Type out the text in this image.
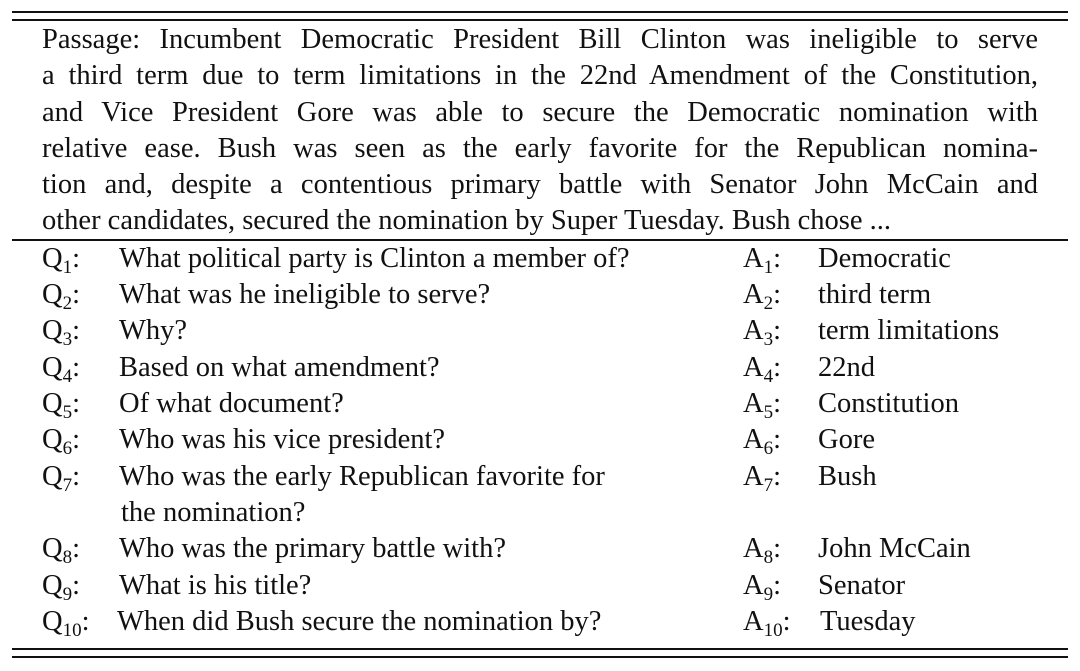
Passage: Incumbent Democratic President Bill Clinton was ineligible to serve
a third term due to term limitations in the 22nd Amendment of the Constitution,
and Vice President Gore was able to secure the Democratic nomination with
relative ease. Bush was seen as the early favorite for the Republican nomina-
tion and, despite a contentious primary battle with Senator John McCain and
other candidates, secured the nomination by Super Tuesday. Bush chose ...
$Q_1$: What political party is Clinton a member of?	$A_1$: Democratic
$Q_2$: What was he ineligible to serve?	$A_2$: third term
$Q_3$: Why?	$A_3$: term limitations
$Q_4$: Based on what amendment?	$A_4$: 22nd
$Q_5$: Of what document?	$A_5$: Constitution
$Q_6$: Who was his vice president?	$A_6$: Gore
$Q_7$: Who was the early Republican favorite for	$A_7$: Bush
the nomination?
$Q_8$: Who was the primary battle with?	$A_8$: John McCain
$Q_9$: What is his title?	$A_9$: Senator
$Q_{10}$: When did Bush secure the nomination by?	$A_{10}$: Tuesday
